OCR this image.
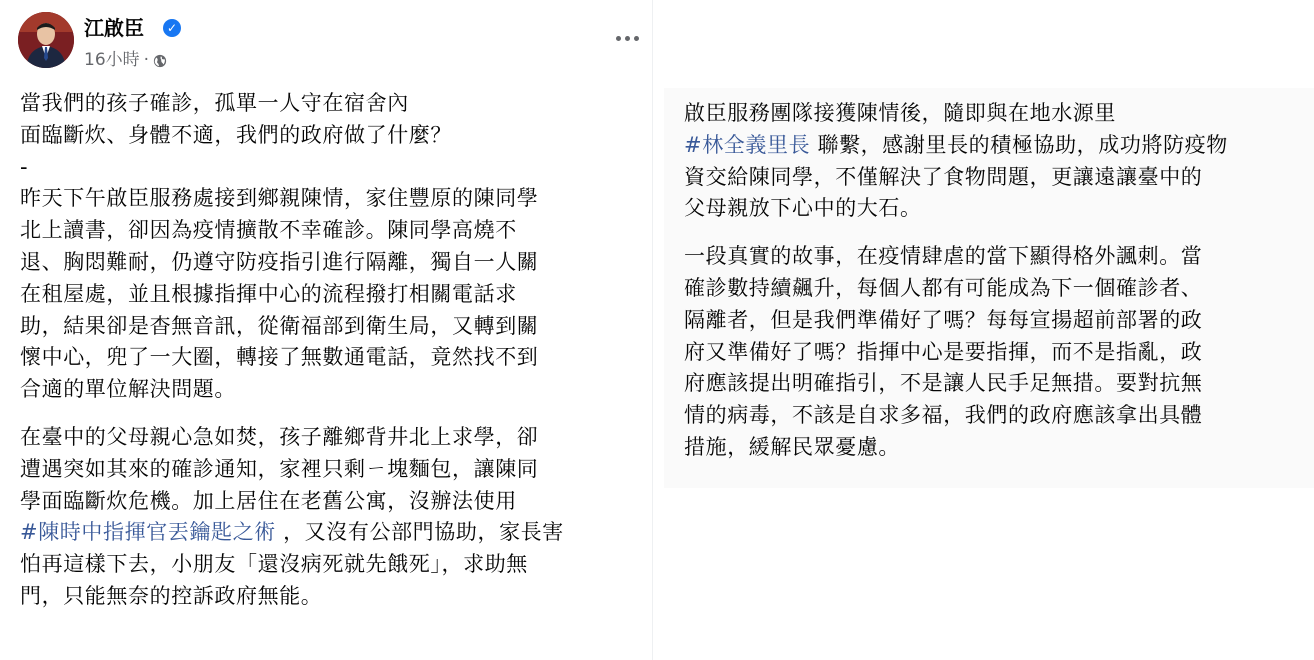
江啟臣	✓
16小時 ·

當我們的孩子確診，孤單一人守在宿舍內

面臨斷炊、身體不適，我們的政府做了什麼？

-

昨天下午啟臣服務處接到鄉親陳情，家住豐原的陳同學

北上讀書，卻因為疫情擴散不幸確診。陳同學高燒不

退、胸悶難耐，仍遵守防疫指引進行隔離，獨自一人關

在租屋處，並且根據指揮中心的流程撥打相關電話求

助，結果卻是杳無音訊，從衛福部到衛生局，又轉到關

懷中心，兜了一大圈，轉接了無數通電話，竟然找不到

合適的單位解決問題。

在臺中的父母親心急如焚，孩子離鄉背井北上求學，卻

遭遇突如其來的確診通知，家裡只剩ㄧ塊麵包，讓陳同

學面臨斷炊危機。加上居住在老舊公寓，沒辦法使用

#陳時中指揮官丟鑰匙之術 ，又沒有公部門協助，家長害

怕再這樣下去，小朋友「還沒病死就先餓死」，求助無

門，只能無奈的控訴政府無能。

啟臣服務團隊接獲陳情後，隨即與在地水源里

#林全義里長 聯繫，感謝里長的積極協助，成功將防疫物

資交給陳同學，不僅解決了食物問題，更讓遠讓臺中的

父母親放下心中的大石。

一段真實的故事，在疫情肆虐的當下顯得格外諷刺。當

確診數持續飆升，每個人都有可能成為下一個確診者、

隔離者，但是我們準備好了嗎？每每宣揚超前部署的政

府又準備好了嗎？指揮中心是要指揮，而不是指亂，政

府應該提出明確指引，不是讓人民手足無措。要對抗無

情的病毒，不該是自求多福，我們的政府應該拿出具體

措施，緩解民眾憂慮。
